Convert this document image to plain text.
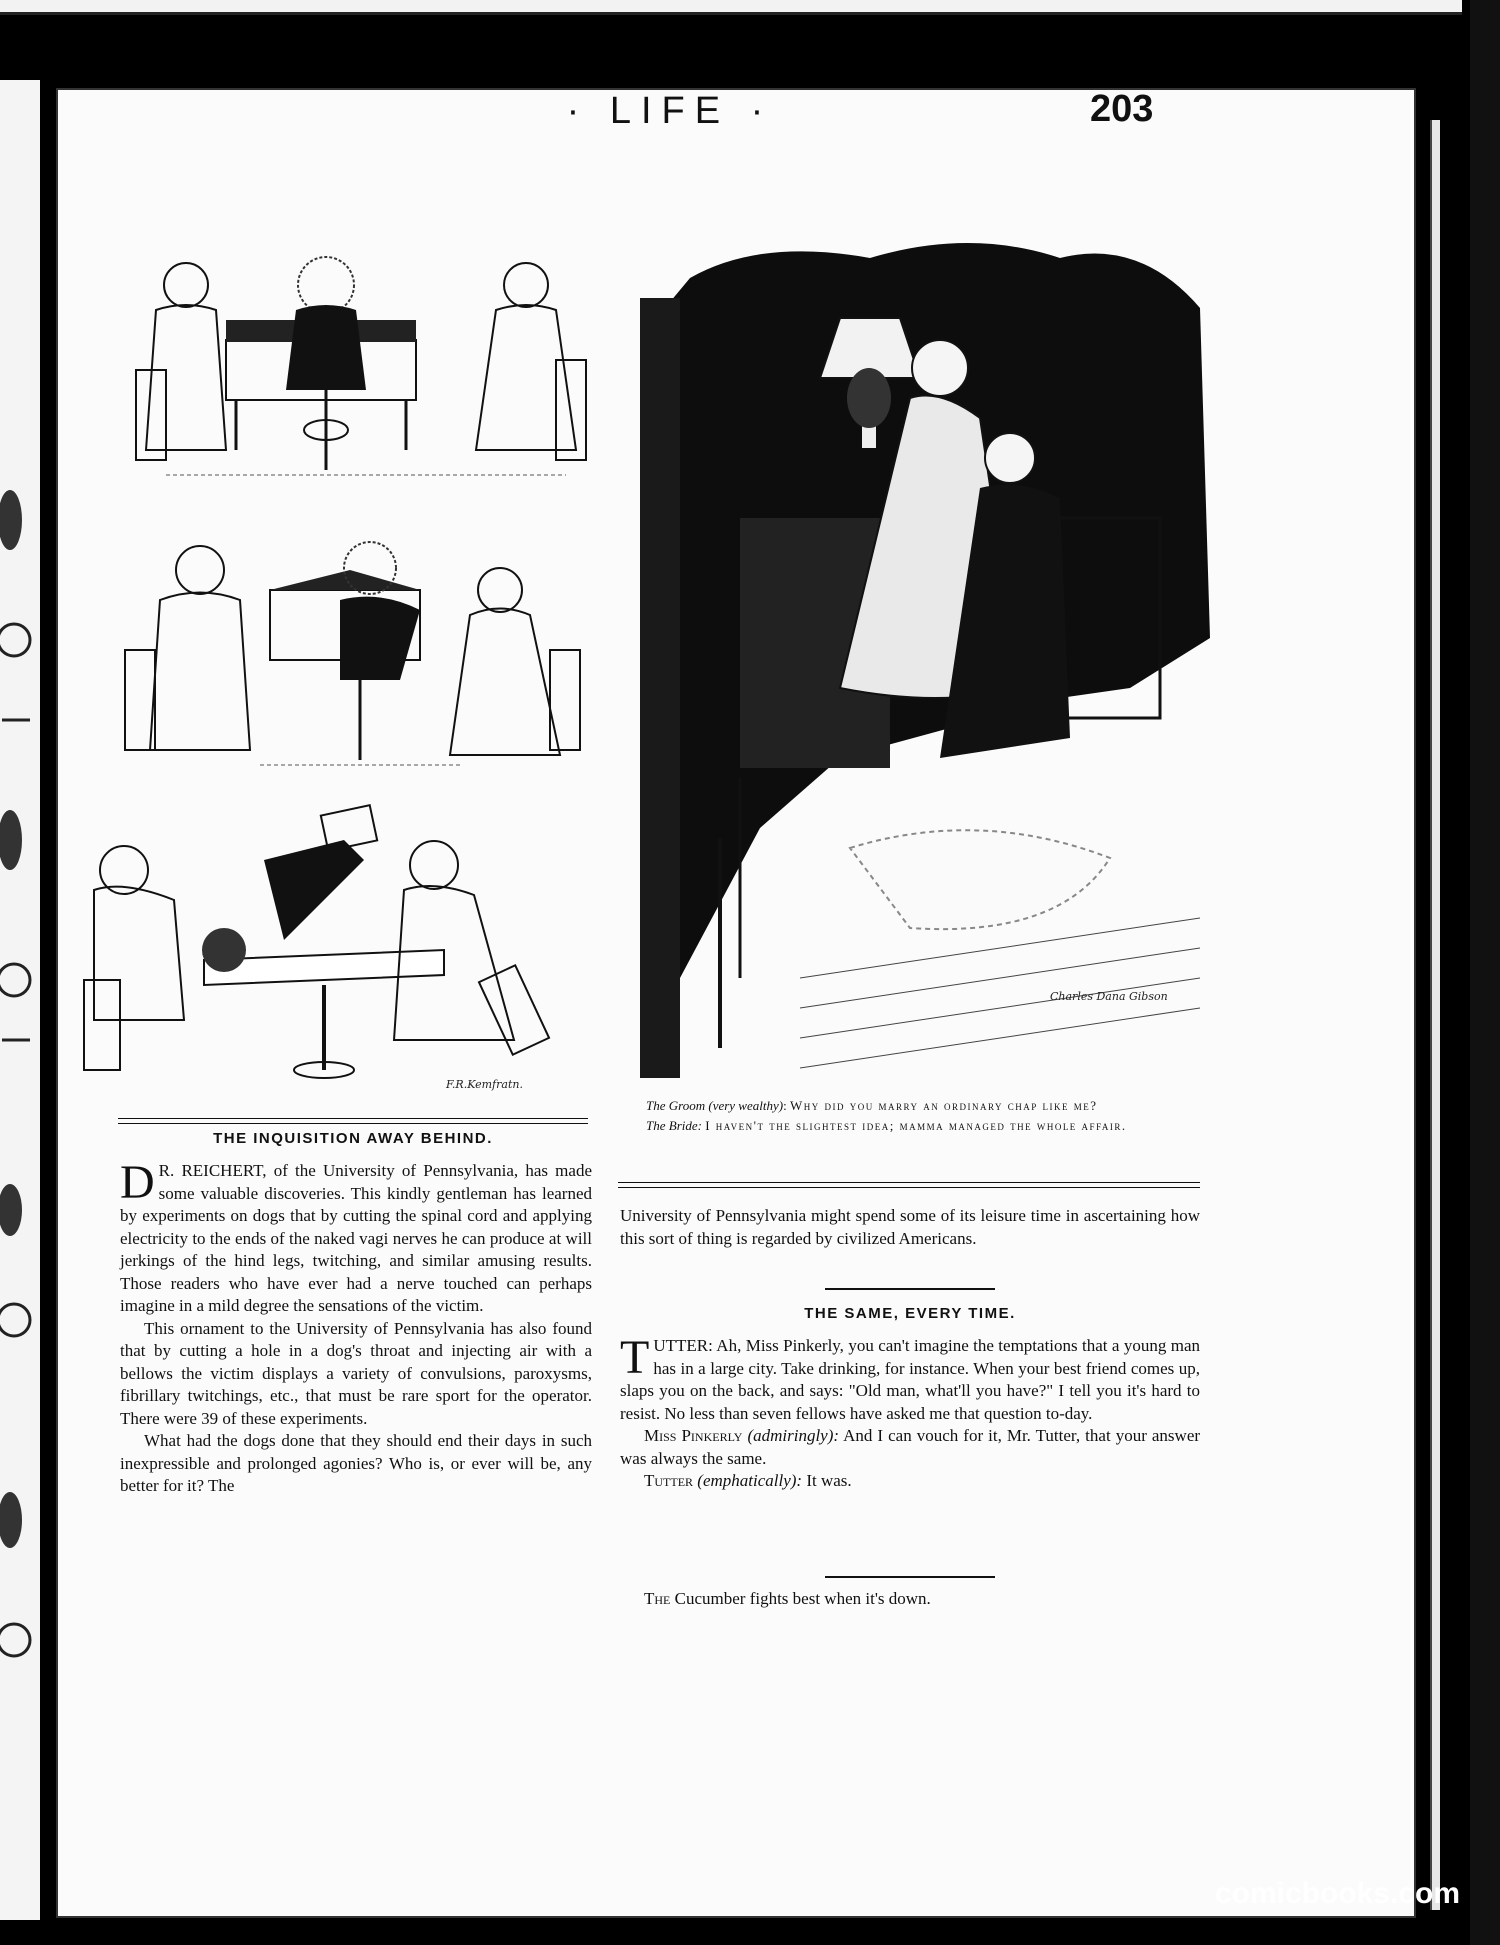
· LIFE ·	203
F.R.Kemfratn.
Charles Dana Gibson

The Groom (very wealthy): Why did you marry an ordinary chap like me?

The Bride: I haven't the slightest idea; mamma managed the whole affair.

THE INQUISITION AWAY BEHIND.

D R. REICHERT, of the University of Pennsylvania, has made some valuable discoveries. This kindly gentleman has learned by experiments on dogs that by cutting the spinal cord and applying electricity to the ends of the naked vagi nerves he can produce at will jerkings of the hind legs, twitching, and similar amusing results. Those readers who have ever had a nerve touched can perhaps imagine in a mild degree the sensations of the victim.

This ornament to the University of Pennsylvania has also found that by cutting a hole in a dog's throat and injecting air with a bellows the victim displays a variety of convulsions, paroxysms, fibrillary twitchings, etc., that must be rare sport for the operator. There were 39 of these experiments.

What had the dogs done that they should end their days in such inexpressible and prolonged agonies? Who is, or ever will be, any better for it? The

University of Pennsylvania might spend some of its leisure time in ascertaining how this sort of thing is regarded by civilized Americans.

THE SAME, EVERY TIME.

TUTTER: Ah, Miss Pinkerly, you can't imagine the temptations that a young man has in a large city. Take drinking, for instance. When your best friend comes up, slaps you on the back, and says: "Old man, what'll you have?" I tell you it's hard to resist. No less than seven fellows have asked me that question to-day.

Miss Pinkerly (admiringly): And I can vouch for it, Mr. Tutter, that your answer was always the same.

Tutter (emphatically): It was.

The Cucumber fights best when it's down.

comicbooks.com
